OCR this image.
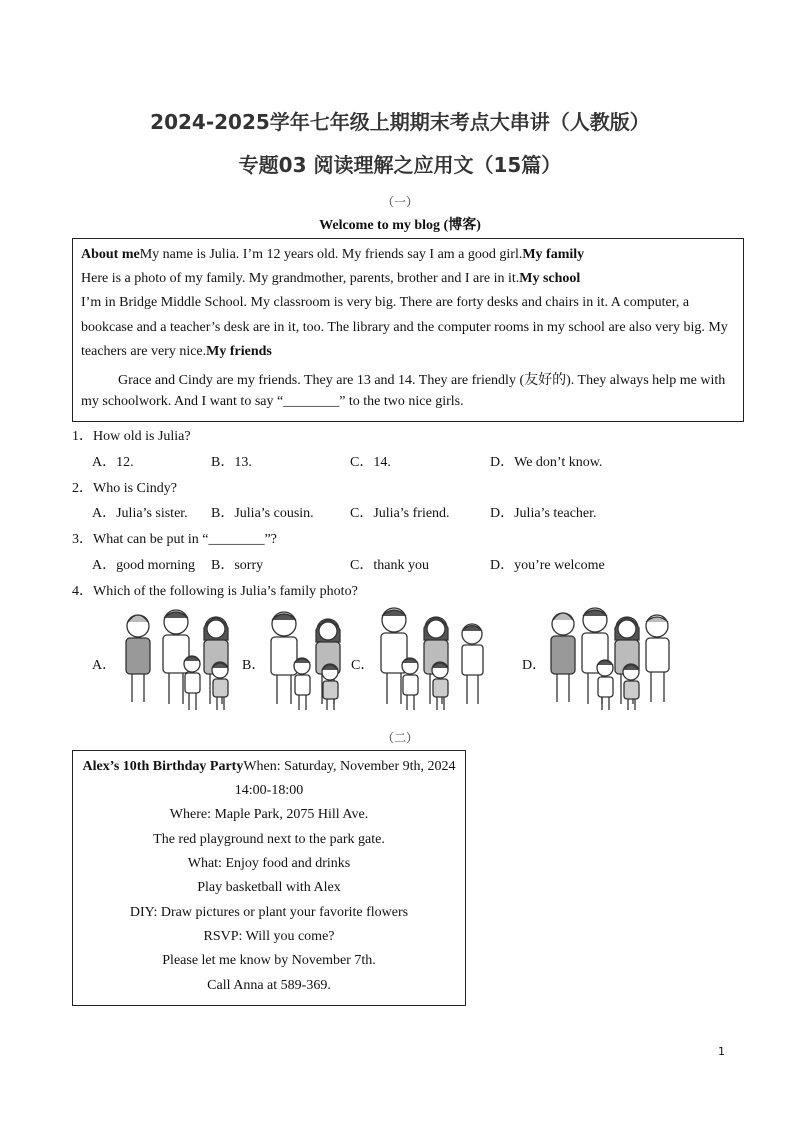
2024-2025学年七年级上期期末考点大串讲（人教版）
专题03 阅读理解之应用文（15篇）
（一）
Welcome to my blog (博客)
About meMy name is Julia. I’m 12 years old. My friends say I am a good girl.My family
Here is a photo of my family. My grandmother, parents, brother and I are in it.My school
I’m in Bridge Middle School. My classroom is very big. There are forty desks and chairs in it. A computer, a
bookcase and a teacher’s desk are in it, too. The library and the computer rooms in my school are also very big. My
teachers are very nice.My friends
Grace and Cindy are my friends. They are 13 and 14. They are friendly (友好的). They always help me with
my schoolwork. And I want to say “________” to the two nice girls.
1．How old is Julia?
A．12.	B．13.	C．14.	D．We don’t know.
2．Who is Cindy?
A．Julia’s sister. B．Julia’s cousin.	C．Julia’s friend.	D．Julia’s teacher.
3．What can be put in “________”?
A．good morning B．sorry	C．thank you	D．you’re welcome
4．Which of the following is Julia’s family photo?
A．	B．	C．	D．
（二）
Alex’s 10th Birthday PartyWhen: Saturday, November 9th, 2024
14:00-18:00
Where: Maple Park, 2075 Hill Ave.
The red playground next to the park gate.
What: Enjoy food and drinks
Play basketball with Alex
DIY: Draw pictures or plant your favorite flowers
RSVP: Will you come?
Please let me know by November 7th.
Call Anna at 589-369.
1
